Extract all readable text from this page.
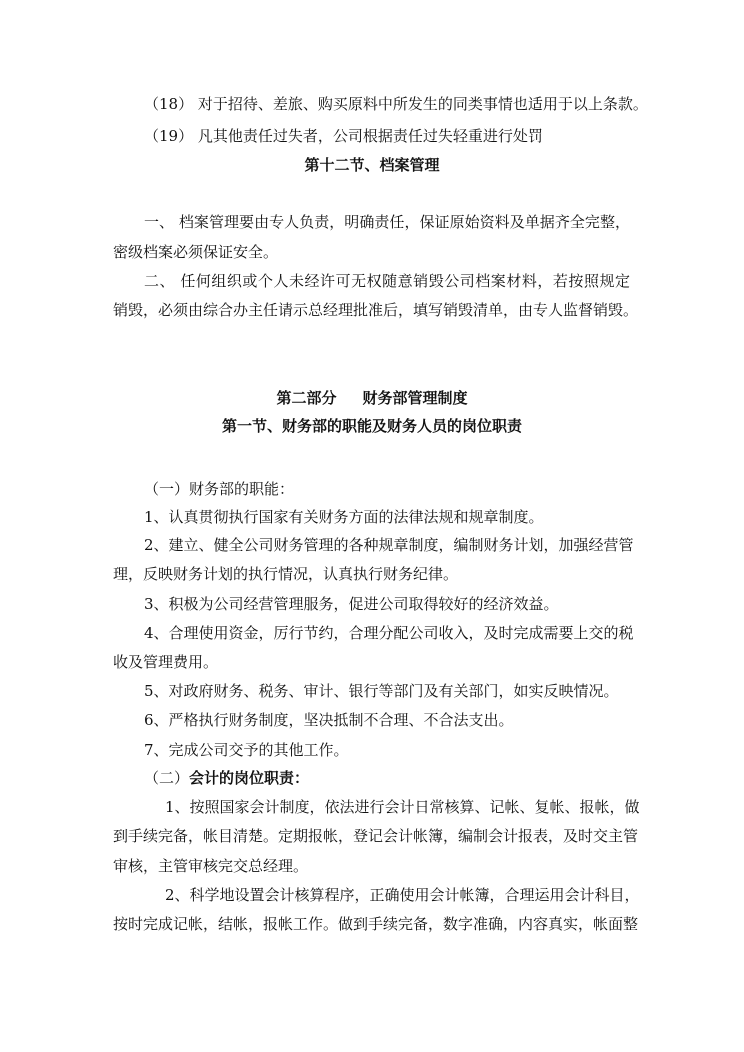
（18） 对于招待、差旅、购买原料中所发生的同类事情也适用于以上条款。
（19） 凡其他责任过失者，公司根据责任过失轻重进行处罚
第十二节、档案管理
一、 档案管理要由专人负责，明确责任，保证原始资料及单据齐全完整，
密级档案必须保证安全。
二、 任何组织或个人未经许可无权随意销毁公司档案材料，若按照规定
销毁，必须由综合办主任请示总经理批准后，填写销毁清单，由专人监督销毁。
第二部分     财务部管理制度
第一节、财务部的职能及财务人员的岗位职责
（一）财务部的职能：
1、认真贯彻执行国家有关财务方面的法律法规和规章制度。
2、建立、健全公司财务管理的各种规章制度，编制财务计划，加强经营管
理，反映财务计划的执行情况，认真执行财务纪律。
3、积极为公司经营管理服务，促进公司取得较好的经济效益。
4、合理使用资金，厉行节约，合理分配公司收入，及时完成需要上交的税
收及管理费用。
5、对政府财务、税务、审计、银行等部门及有关部门，如实反映情况。
6、严格执行财务制度，坚决抵制不合理、不合法支出。
7、完成公司交予的其他工作。
（二）会计的岗位职责：
1、按照国家会计制度，依法进行会计日常核算、记帐、复帐、报帐，做
到手续完备，帐目清楚。定期报帐，登记会计帐簿，编制会计报表，及时交主管
审核，主管审核完交总经理。
2、科学地设置会计核算程序，正确使用会计帐簿，合理运用会计科目，
按时完成记帐，结帐，报帐工作。做到手续完备，数字准确，内容真实，帐面整
